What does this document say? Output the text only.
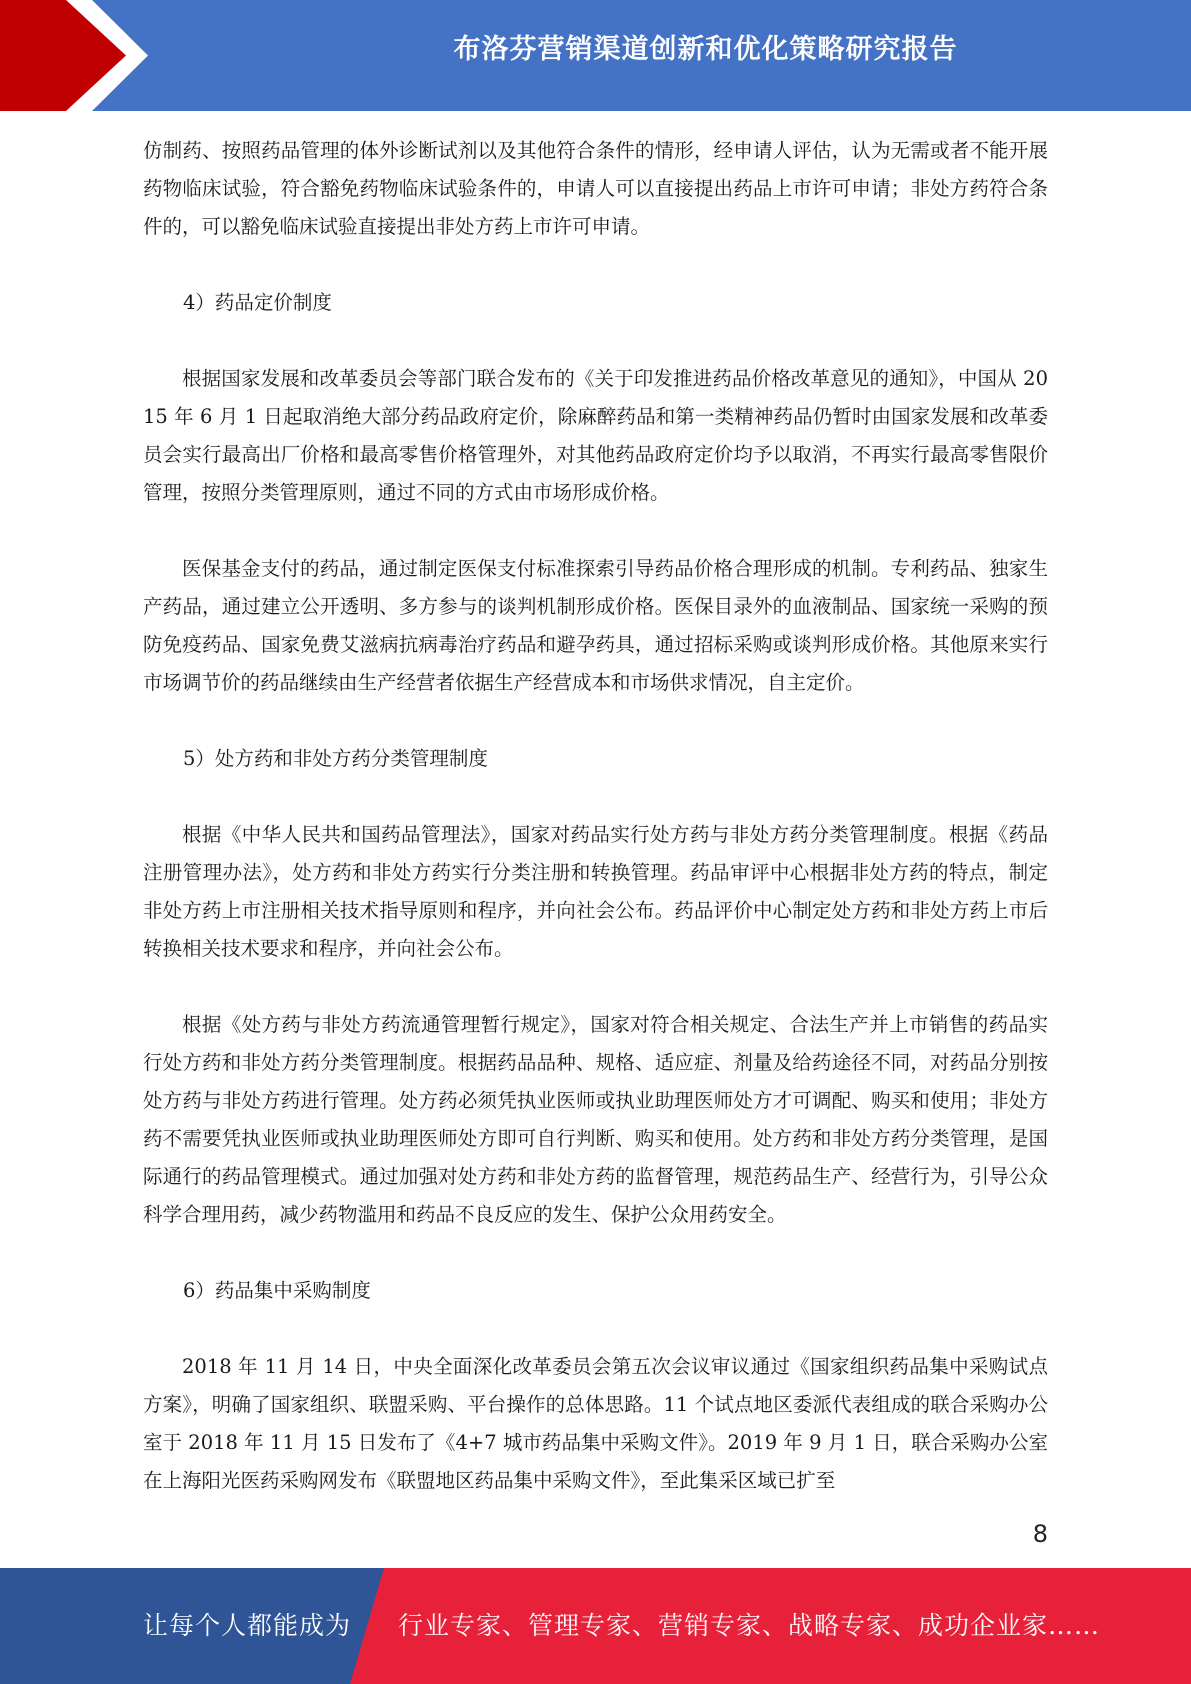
布洛芬营销渠道创新和优化策略研究报告

仿制药、按照药品管理的体外诊断试剂以及其他符合条件的情形，经申请人评估，认为无需或者不能开展药物临床试验，符合豁免药物临床试验条件的，申请人可以直接提出药品上市许可申请；非处方药符合条件的，可以豁免临床试验直接提出非处方药上市许可申请。

4）药品定价制度

根据国家发展和改革委员会等部门联合发布的《关于印发推进药品价格改革意见的通知》，中国从 2015 年 6 月 1 日起取消绝大部分药品政府定价，除麻醉药品和第一类精神药品仍暂时由国家发展和改革委员会实行最高出厂价格和最高零售价格管理外，对其他药品政府定价均予以取消，不再实行最高零售限价管理，按照分类管理原则，通过不同的方式由市场形成价格。

医保基金支付的药品，通过制定医保支付标准探索引导药品价格合理形成的机制。专利药品、独家生产药品，通过建立公开透明、多方参与的谈判机制形成价格。医保目录外的血液制品、国家统一采购的预防免疫药品、国家免费艾滋病抗病毒治疗药品和避孕药具，通过招标采购或谈判形成价格。其他原来实行市场调节价的药品继续由生产经营者依据生产经营成本和市场供求情况，自主定价。

5）处方药和非处方药分类管理制度

根据《中华人民共和国药品管理法》，国家对药品实行处方药与非处方药分类管理制度。根据《药品注册管理办法》，处方药和非处方药实行分类注册和转换管理。药品审评中心根据非处方药的特点，制定非处方药上市注册相关技术指导原则和程序，并向社会公布。药品评价中心制定处方药和非处方药上市后转换相关技术要求和程序，并向社会公布。

根据《处方药与非处方药流通管理暂行规定》，国家对符合相关规定、合法生产并上市销售的药品实行处方药和非处方药分类管理制度。根据药品品种、规格、适应症、剂量及给药途径不同，对药品分别按处方药与非处方药进行管理。处方药必须凭执业医师或执业助理医师处方才可调配、购买和使用；非处方药不需要凭执业医师或执业助理医师处方即可自行判断、购买和使用。处方药和非处方药分类管理，是国际通行的药品管理模式。通过加强对处方药和非处方药的监督管理，规范药品生产、经营行为，引导公众科学合理用药，减少药物滥用和药品不良反应的发生、保护公众用药安全。

6）药品集中采购制度

2018 年 11 月 14 日，中央全面深化改革委员会第五次会议审议通过《国家组织药品集中采购试点方案》，明确了国家组织、联盟采购、平台操作的总体思路。11 个试点地区委派代表组成的联合采购办公室于 2018 年 11 月 15 日发布了《4+7 城市药品集中采购文件》。2019 年 9 月 1 日，联合采购办公室在上海阳光医药采购网发布《联盟地区药品集中采购文件》，至此集采区域已扩至

8
让每个人都能成为 行业专家、管理专家、营销专家、战略专家、成功企业家……
